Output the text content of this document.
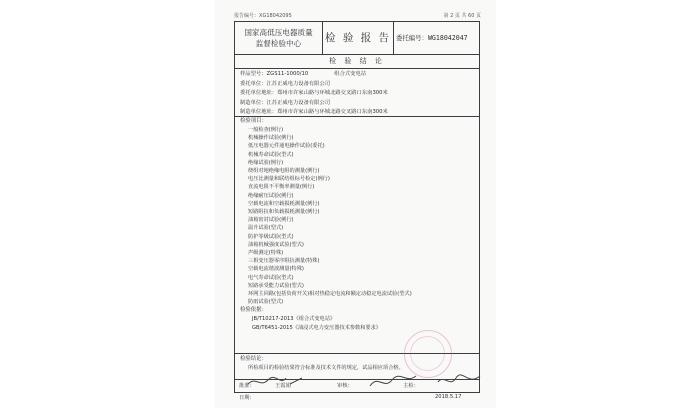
报告编号：XG18042095	第 2 页 共 60 页
国家高低压电器质量
监督检验中心	检 验 报 告 委托编号：WG18042047
检 验 结 论
样品型号：ZGS11-1000/10	组合式变电站
委托单位：江苏正威电力设备有限公司
委托单位地址：郑州市许家山路与环城北路交叉路口东南300米
制造单位：江苏正威电力设备有限公司
制造单位地址：郑州市许家山路与环城北路交叉路口东南300米
检验项目：
一般检查(例行)
机械操作试验(例行)
低压电器元件通电操作试验(委托)
机械寿命试验(型式)
绝缘试验(例行)
绕组对地绝缘电阻的测量(例行)
电压比测量和联结组标号检定(例行)
直流电阻不平衡率测量(例行)
绝缘耐压试验(例行)
空载电流和空载损耗测量(例行)
短路阻抗和负载损耗测量(例行)
油箱密封试验(例行)
温升试验(型式)
防护等级试验(型式)
油箱机械强度试验(型式)
声级测定(特殊)
三相变压器零序阻抗测量(特殊)
空载电流谐波测量(特殊)
电气寿命试验(型式)
短路承受能力试验(型式)
环网主回路(包括负荷开关)相对热稳定电流和额定动稳定电流试验(型式)
防雨试验(型式)
检验依据：
JB/T10217-2013《组合式变电站》
GB/T6451-2015《油浸式电力变压器技术参数和要求》
检验结论：
所检项目的检验结果符合标准及技术文件的规定，试品相应项合格。
批准：	王霞娟	审核：	主检：
日期：	2018.5.17
